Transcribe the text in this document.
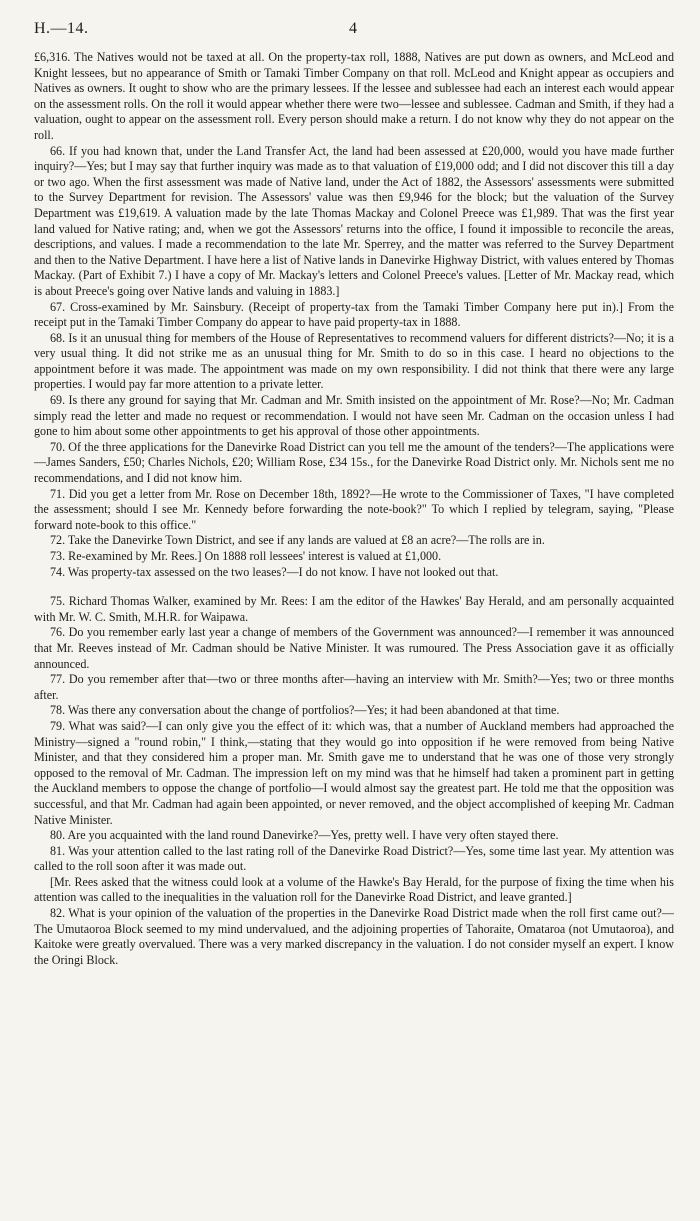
H.—14.	4

£6,316. The Natives would not be taxed at all. On the property-tax roll, 1888, Natives are put down as owners, and McLeod and Knight lessees, but no appearance of Smith or Tamaki Timber Company on that roll. McLeod and Knight appear as occupiers and Natives as owners. It ought to show who are the primary lessees. If the lessee and sublessee had each an interest each would appear on the assessment rolls. On the roll it would appear whether there were two—lessee and sublessee. Cadman and Smith, if they had a valuation, ought to appear on the assessment roll. Every person should make a return. I do not know why they do not appear on the roll.

66. If you had known that, under the Land Transfer Act, the land had been assessed at £20,000, would you have made further inquiry?—Yes; but I may say that further inquiry was made as to that valuation of £19,000 odd; and I did not discover this till a day or two ago. When the first assessment was made of Native land, under the Act of 1882, the Assessors' assessments were submitted to the Survey Department for revision. The Assessors' value was then £9,946 for the block; but the valuation of the Survey Department was £19,619. A valuation made by the late Thomas Mackay and Colonel Preece was £1,989. That was the first year land valued for Native rating; and, when we got the Assessors' returns into the office, I found it impossible to reconcile the areas, descriptions, and values. I made a recommendation to the late Mr. Sperrey, and the matter was referred to the Survey Department and then to the Native Department. I have here a list of Native lands in Danevirke Highway District, with values entered by Thomas Mackay. (Part of Exhibit 7.) I have a copy of Mr. Mackay's letters and Colonel Preece's values. [Letter of Mr. Mackay read, which is about Preece's going over Native lands and valuing in 1883.]

67. Cross-examined by Mr. Sainsbury. (Receipt of property-tax from the Tamaki Timber Company here put in).] From the receipt put in the Tamaki Timber Company do appear to have paid property-tax in 1888.

68. Is it an unusual thing for members of the House of Representatives to recommend valuers for different districts?—No; it is a very usual thing. It did not strike me as an unusual thing for Mr. Smith to do so in this case. I heard no objections to the appointment before it was made. The appointment was made on my own responsibility. I did not think that there were any large properties. I would pay far more attention to a private letter.

69. Is there any ground for saying that Mr. Cadman and Mr. Smith insisted on the appointment of Mr. Rose?—No; Mr. Cadman simply read the letter and made no request or recommendation. I would not have seen Mr. Cadman on the occasion unless I had gone to him about some other appointments to get his approval of those other appointments.

70. Of the three applications for the Danevirke Road District can you tell me the amount of the tenders?—The applications were—James Sanders, £50; Charles Nichols, £20; William Rose, £34 15s., for the Danevirke Road District only. Mr. Nichols sent me no recommendations, and I did not know him.

71. Did you get a letter from Mr. Rose on December 18th, 1892?—He wrote to the Commissioner of Taxes, "I have completed the assessment; should I see Mr. Kennedy before forwarding the note-book?" To which I replied by telegram, saying, "Please forward note-book to this office."

72. Take the Danevirke Town District, and see if any lands are valued at £8 an acre?—The rolls are in.

73. Re-examined by Mr. Rees.] On 1888 roll lessees' interest is valued at £1,000.

74. Was property-tax assessed on the two leases?—I do not know. I have not looked out that.

75. Richard Thomas Walker, examined by Mr. Rees: I am the editor of the Hawkes' Bay Herald, and am personally acquainted with Mr. W. C. Smith, M.H.R. for Waipawa.

76. Do you remember early last year a change of members of the Government was announced?—I remember it was announced that Mr. Reeves instead of Mr. Cadman should be Native Minister. It was rumoured. The Press Association gave it as officially announced.

77. Do you remember after that—two or three months after—having an interview with Mr. Smith?—Yes; two or three months after.

78. Was there any conversation about the change of portfolios?—Yes; it had been abandoned at that time.

79. What was said?—I can only give you the effect of it: which was, that a number of Auckland members had approached the Ministry—signed a "round robin," I think,—stating that they would go into opposition if he were removed from being Native Minister, and that they considered him a proper man. Mr. Smith gave me to understand that he was one of those very strongly opposed to the removal of Mr. Cadman. The impression left on my mind was that he himself had taken a prominent part in getting the Auckland members to oppose the change of portfolio—I would almost say the greatest part. He told me that the opposition was successful, and that Mr. Cadman had again been appointed, or never removed, and the object accomplished of keeping Mr. Cadman Native Minister.

80. Are you acquainted with the land round Danevirke?—Yes, pretty well. I have very often stayed there.

81. Was your attention called to the last rating roll of the Danevirke Road District?—Yes, some time last year. My attention was called to the roll soon after it was made out.

[Mr. Rees asked that the witness could look at a volume of the Hawke's Bay Herald, for the purpose of fixing the time when his attention was called to the inequalities in the valuation roll for the Danevirke Road District, and leave granted.]

82. What is your opinion of the valuation of the properties in the Danevirke Road District made when the roll first came out?—The Umutaoroa Block seemed to my mind undervalued, and the adjoining properties of Tahoraite, Omataroa (not Umutaoroa), and Kaitoke were greatly overvalued. There was a very marked discrepancy in the valuation. I do not consider myself an expert. I know the Oringi Block.
